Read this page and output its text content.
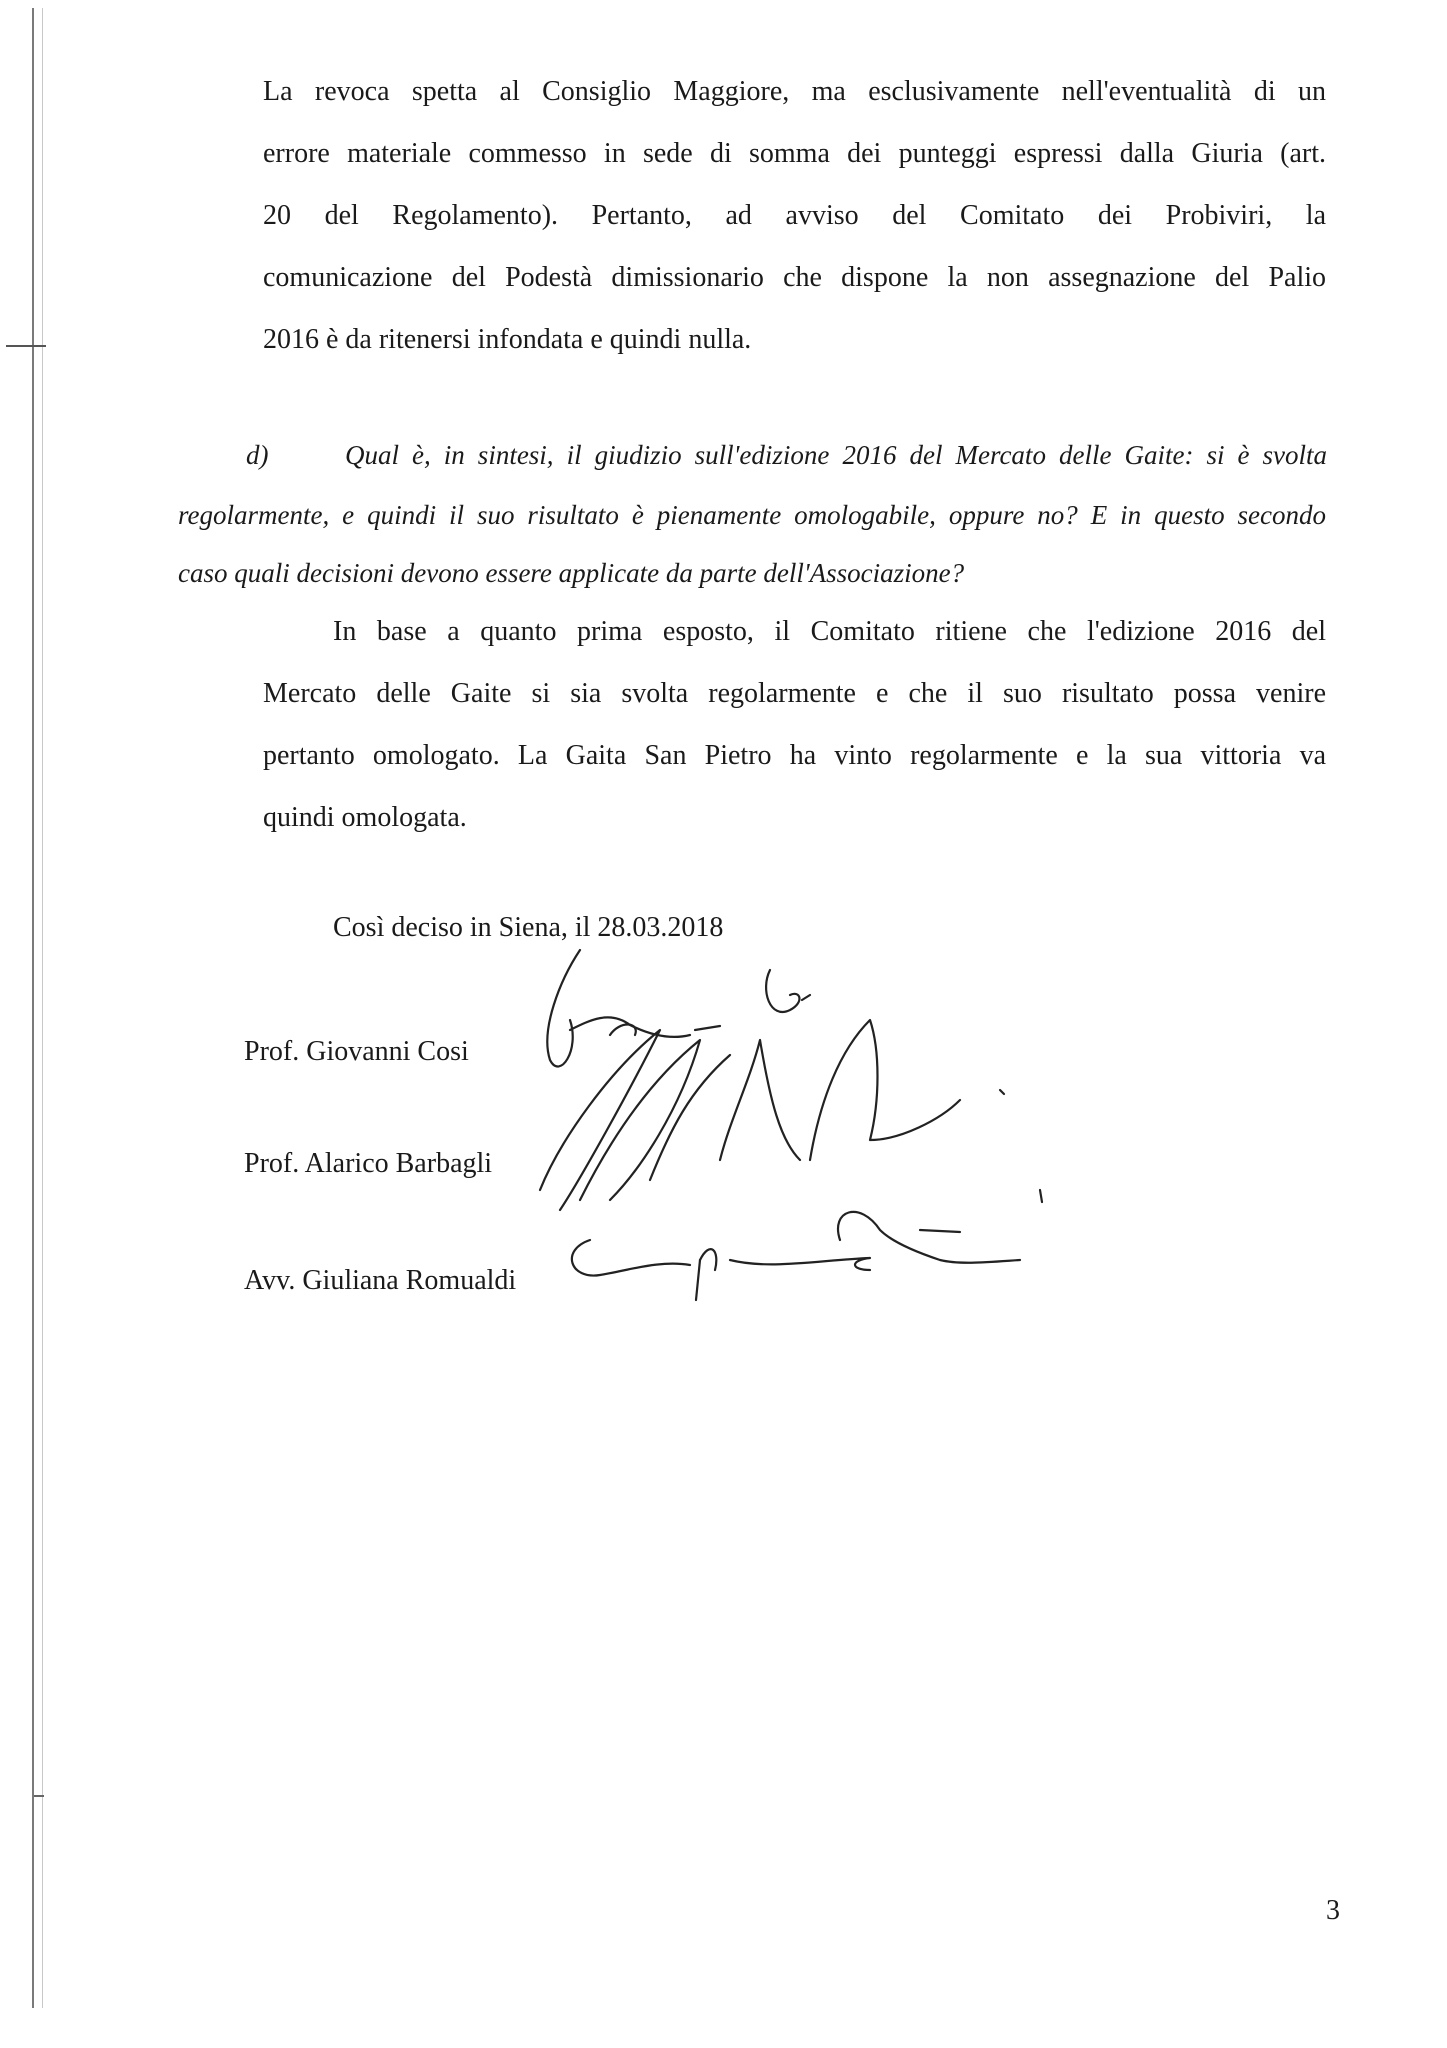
La revoca spetta al Consiglio Maggiore, ma esclusivamente nell'eventualità di un
errore materiale commesso in sede di somma dei punteggi espressi dalla Giuria (art.
20 del Regolamento). Pertanto, ad avviso del Comitato dei Probiviri, la
comunicazione del Podestà dimissionario che dispone la non assegnazione del Palio
2016 è da ritenersi infondata e quindi nulla.
d)	Qual è, in sintesi, il giudizio sull'edizione 2016 del Mercato delle Gaite: si è svolta
regolarmente, e quindi il suo risultato è pienamente omologabile, oppure no? E in questo secondo
caso quali decisioni devono essere applicate da parte dell'Associazione?
In base a quanto prima esposto, il Comitato ritiene che l'edizione 2016 del
Mercato delle Gaite si sia svolta regolarmente e che il suo risultato possa venire
pertanto omologato. La Gaita San Pietro ha vinto regolarmente e la sua vittoria va
quindi omologata.
Così deciso in Siena, il 28.03.2018
Prof. Giovanni Cosi
Prof. Alarico Barbagli
Avv. Giuliana Romualdi
3
